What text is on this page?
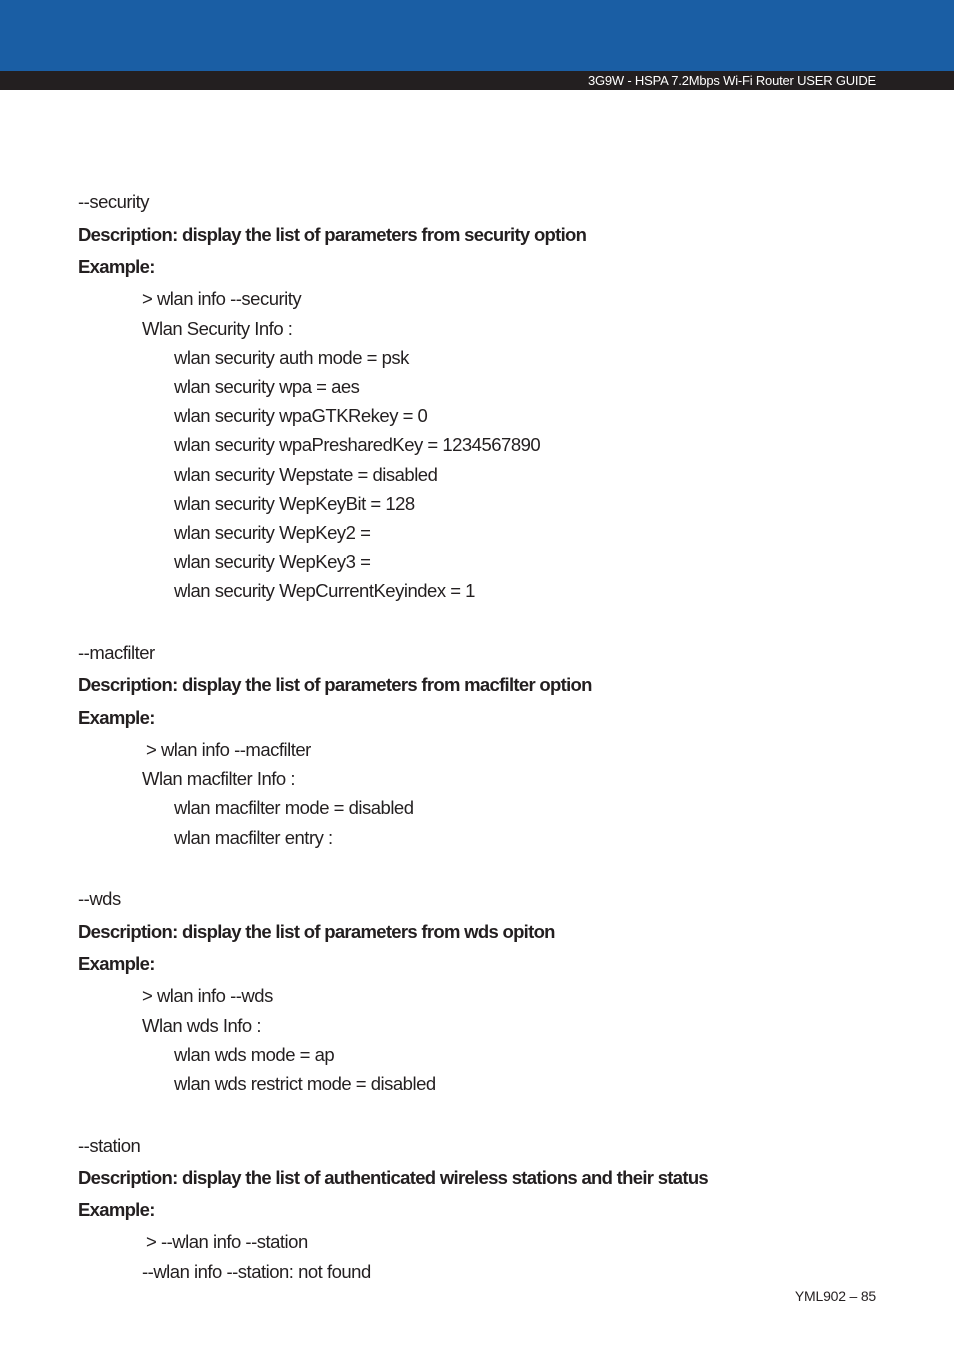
3G9W - HSPA 7.2Mbps Wi-Fi Router USER GUIDE
--security
Description: display the list of parameters from security option
Example:
> wlan info --security
Wlan Security Info :
wlan security auth mode = psk
wlan security wpa = aes
wlan security wpaGTKRekey = 0
wlan security wpaPresharedKey = 1234567890
wlan security Wepstate = disabled
wlan security WepKeyBit = 128
wlan security WepKey2 =
wlan security WepKey3 =
wlan security WepCurrentKeyindex = 1
--macfilter
Description: display the list of parameters from macfilter option
Example:
> wlan info --macfilter
Wlan macfilter Info :
wlan macfilter mode = disabled
wlan macfilter entry :
--wds
Description: display the list of parameters from wds opiton
Example:
> wlan info --wds
Wlan wds Info :
wlan wds mode = ap
wlan wds restrict mode = disabled
--station
Description: display the list of authenticated wireless stations and their status
Example:
> --wlan info --station
--wlan info --station: not found
YML902 – 85
